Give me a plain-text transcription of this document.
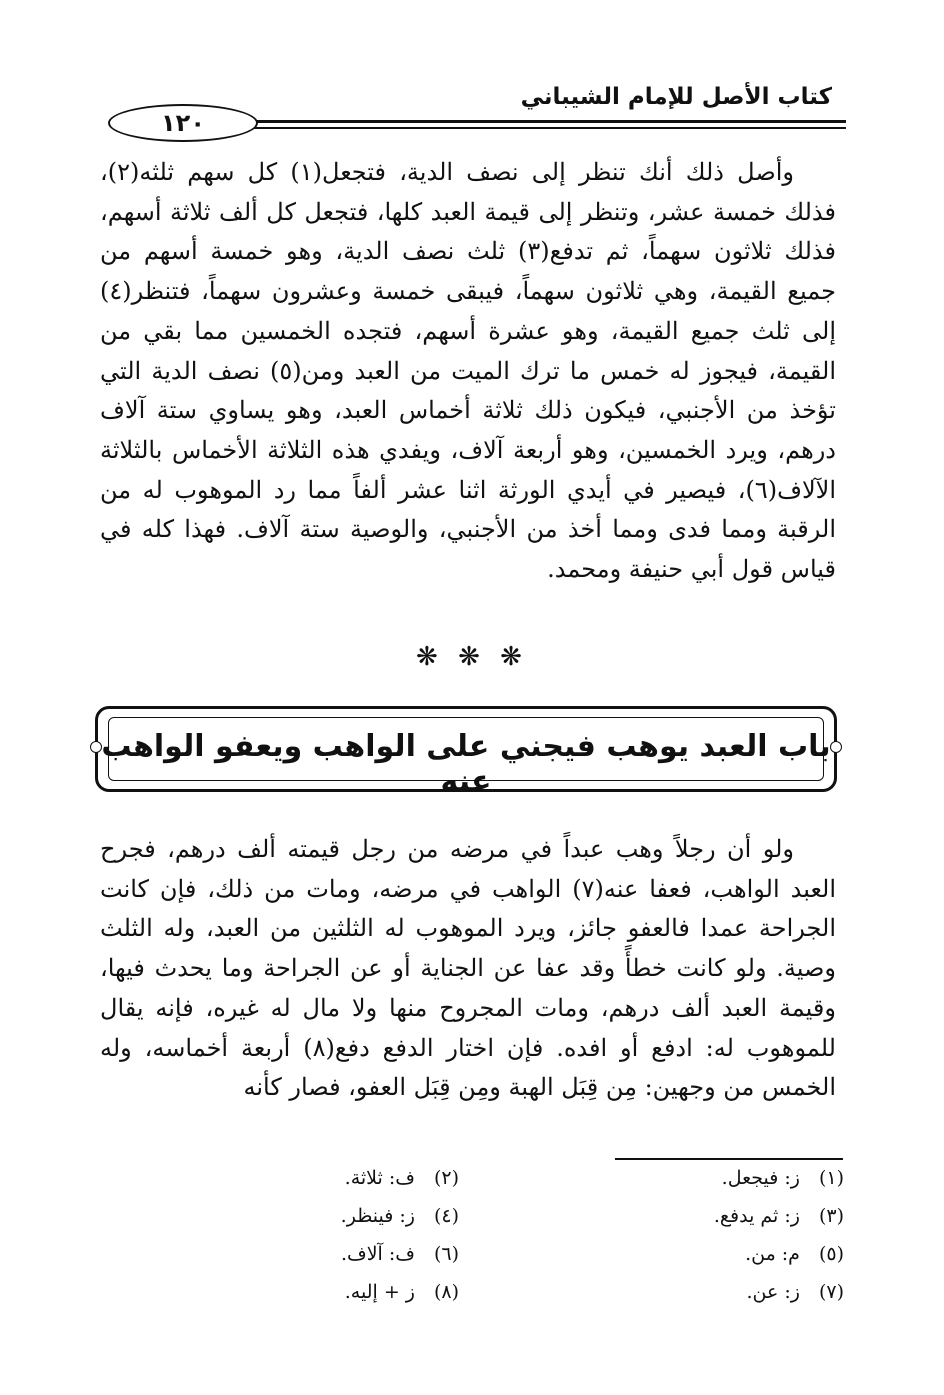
كتاب الأصل للإمام الشيباني
١٢٠

وأصل ذلك أنك تنظر إلى نصف الدية، فتجعل(١) كل سهم ثلثه(٢)، فذلك خمسة عشر، وتنظر إلى قيمة العبد كلها، فتجعل كل ألف ثلاثة أسهم، فذلك ثلاثون سهماً، ثم تدفع(٣) ثلث نصف الدية، وهو خمسة أسهم من جميع القيمة، وهي ثلاثون سهماً، فيبقى خمسة وعشرون سهماً، فتنظر(٤) إلى ثلث جميع القيمة، وهو عشرة أسهم، فتجده الخمسين مما بقي من القيمة، فيجوز له خمس ما ترك الميت من العبد ومن(٥) نصف الدية التي تؤخذ من الأجنبي، فيكون ذلك ثلاثة أخماس العبد، وهو يساوي ستة آلاف درهم، ويرد الخمسين، وهو أربعة آلاف، ويفدي هذه الثلاثة الأخماس بالثلاثة الآلاف(٦)، فيصير في أيدي الورثة اثنا عشر ألفاً مما رد الموهوب له من الرقبة ومما فدى ومما أخذ من الأجنبي، والوصية ستة آلاف. فهذا كله في قياس قول أبي حنيفة ومحمد.

❋ ❋ ❋
باب العبد يوهب فيجني على الواهب ويعفو الواهب عنه

ولو أن رجلاً وهب عبداً في مرضه من رجل قيمته ألف درهم، فجرح العبد الواهب، فعفا عنه(٧) الواهب في مرضه، ومات من ذلك، فإن كانت الجراحة عمدا فالعفو جائز، ويرد الموهوب له الثلثين من العبد، وله الثلث وصية. ولو كانت خطأً وقد عفا عن الجناية أو عن الجراحة وما يحدث فيها، وقيمة العبد ألف درهم، ومات المجروح منها ولا مال له غيره، فإنه يقال للموهوب له: ادفع أو افده. فإن اختار الدفع دفع(٨) أربعة أخماسه، وله الخمس من وجهين: مِن قِبَل الهبة ومِن قِبَل العفو، فصار كأنه

(١) ز: فيجعل.
(٣) ز: ثم يدفع.
(٥) م: من.
(٧) ز: عن.
(٢) ف: ثلاثة.
(٤) ز: فينظر.
(٦) ف: آلاف.
(٨) ز + إليه.
